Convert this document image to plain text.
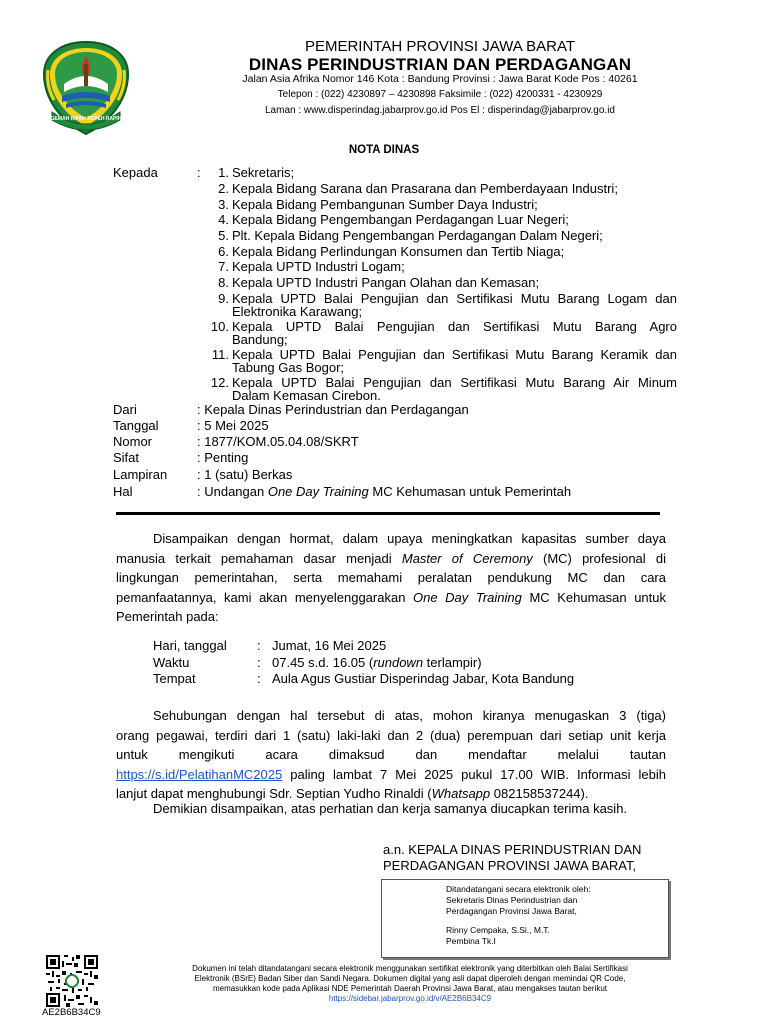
GEMAH RIPAH REPEH RAPIH
PEMERINTAH PROVINSI JAWA BARAT
DINAS PERINDUSTRIAN DAN PERDAGANGAN
Jalan Asia Afrika Nomor 146 Kota : Bandung Provinsi : Jawa Barat Kode Pos : 40261
Telepon : (022) 4230897 – 4230898 Faksimile : (022) 4200331 - 4230929
Laman : www.disperindag.jabarprov.go.id Pos El : disperindag@jabarprov.go.id
NOTA DINAS
Kepada	:	1. Sekretaris;
2. Kepala Bidang Sarana dan Prasarana dan Pemberdayaan Industri;
3. Kepala Bidang Pembangunan Sumber Daya Industri;
4. Kepala Bidang Pengembangan Perdagangan Luar Negeri;
5. Plt. Kepala Bidang Pengembangan Perdagangan Dalam Negeri;
6. Kepala Bidang Perlindungan Konsumen dan Tertib Niaga;
7. Kepala UPTD Industri Logam;
8. Kepala UPTD Industri Pangan Olahan dan Kemasan;
9. Kepala UPTD Balai Pengujian dan Sertifikasi Mutu Barang Logam dan
Elektronika Karawang;
10. Kepala UPTD Balai Pengujian dan Sertifikasi Mutu Barang Agro
Bandung;
11. Kepala UPTD Balai Pengujian dan Sertifikasi Mutu Barang Keramik dan
Tabung Gas Bogor;
12. Kepala UPTD Balai Pengujian dan Sertifikasi Mutu Barang Air Minum
Dalam Kemasan Cirebon.
Dari	: Kepala Dinas Perindustrian dan Perdagangan
Tanggal	: 5 Mei 2025
Nomor	: 1877/KOM.05.04.08/SKRT
Sifat	: Penting
Lampiran : 1 (satu) Berkas
Hal	: Undangan One Day Training MC Kehumasan untuk Pemerintah
Disampaikan dengan hormat, dalam upaya meningkatkan kapasitas sumber daya
manusia terkait pemahaman dasar menjadi Master of Ceremony (MC) profesional di
lingkungan pemerintahan, serta memahami peralatan pendukung MC dan cara
pemanfaatannya, kami akan menyelenggarakan One Day Training MC Kehumasan untuk
Pemerintah pada:
Hari, tanggal : Jumat, 16 Mei 2025
Waktu	: 07.45 s.d. 16.05 (rundown terlampir)
Tempat	: Aula Agus Gustiar Disperindag Jabar, Kota Bandung
Sehubungan dengan hal tersebut di atas, mohon kiranya menugaskan 3 (tiga)
orang pegawai, terdiri dari 1 (satu) laki-laki dan 2 (dua) perempuan dari setiap unit kerja
untuk mengikuti acara dimaksud dan mendaftar melalui tautan
https://s.id/PelatihanMC2025 paling lambat 7 Mei 2025 pukul 17.00 WIB. Informasi lebih
lanjut dapat menghubungi Sdr. Septian Yudho Rinaldi (Whatsapp 082158537244).
Demikian disampaikan, atas perhatian dan kerja samanya diucapkan terima kasih.
a.n. KEPALA DINAS PERINDUSTRIAN DAN
PERDAGANGAN PROVINSI JAWA BARAT,
Ditandatangani secara elektronik oleh:
Sekretaris Dinas Perindustrian dan
Perdagangan Provinsi Jawa Barat,
Rinny Cempaka, S.Si., M.T.
Pembina Tk.I
AE2B6B34C9
Dokumen ini telah ditandatangani secara elektronik menggunakan sertifikat elektronik yang diterbitkan oleh Balai Sertifikasi
Elektronik (BSrE) Badan Siber dan Sandi Negara. Dokumen digital yang asli dapat diperoleh dengan memindai QR Code,
memasukkan kode pada Aplikasi NDE Pemerintah Daerah Provinsi Jawa Barat, atau mengakses tautan berikut
https://sidebar.jabarprov.go.id/v/AE2B6B34C9
